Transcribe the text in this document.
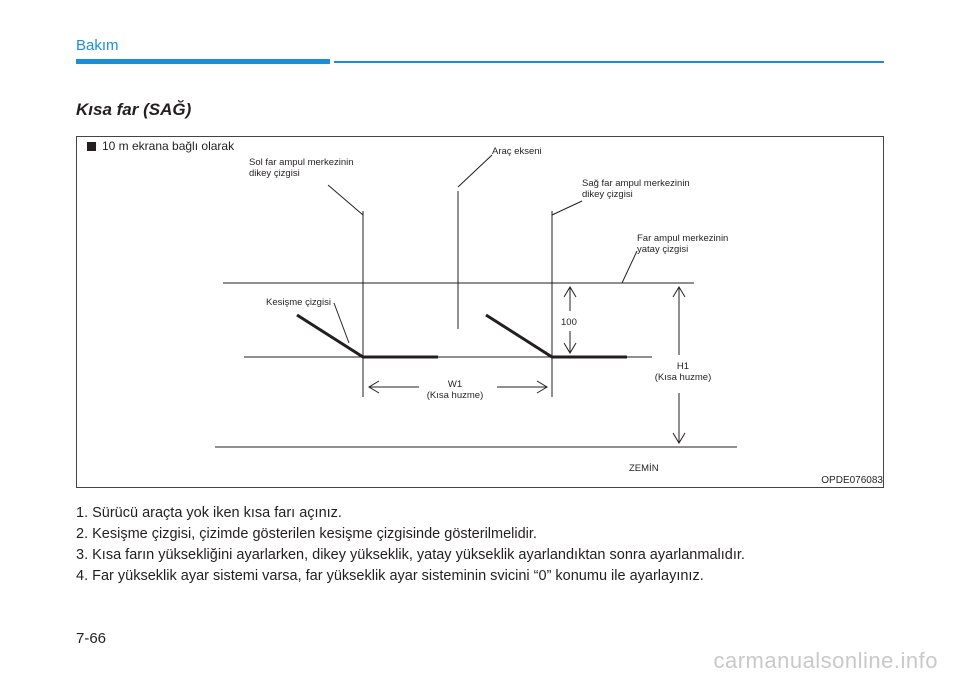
Bakım
Kısa far (SAĞ)
10 m ekrana bağlı olarak
Sol far ampul merkezinin
dikey çizgisi
Araç ekseni
Sağ far ampul merkezinin
dikey çizgisi
Far ampul merkezinin
yatay çizgisi
Kesişme çizgisi
100
W1
(Kısa huzme)
H1
(Kısa huzme)
ZEMİN
OPDE076083
1. Sürücü araçta yok iken kısa farı açınız.
2. Kesişme çizgisi, çizimde gösterilen kesişme çizgisinde gösterilmelidir.
3. Kısa farın yüksekliğini ayarlarken, dikey yükseklik, yatay yükseklik ayarlandıktan sonra ayarlanmalıdır.
4. Far yükseklik ayar sistemi varsa, far yükseklik ayar sisteminin svicini “0” konumu ile ayarlayınız.
7-66
carmanualsonline.info
